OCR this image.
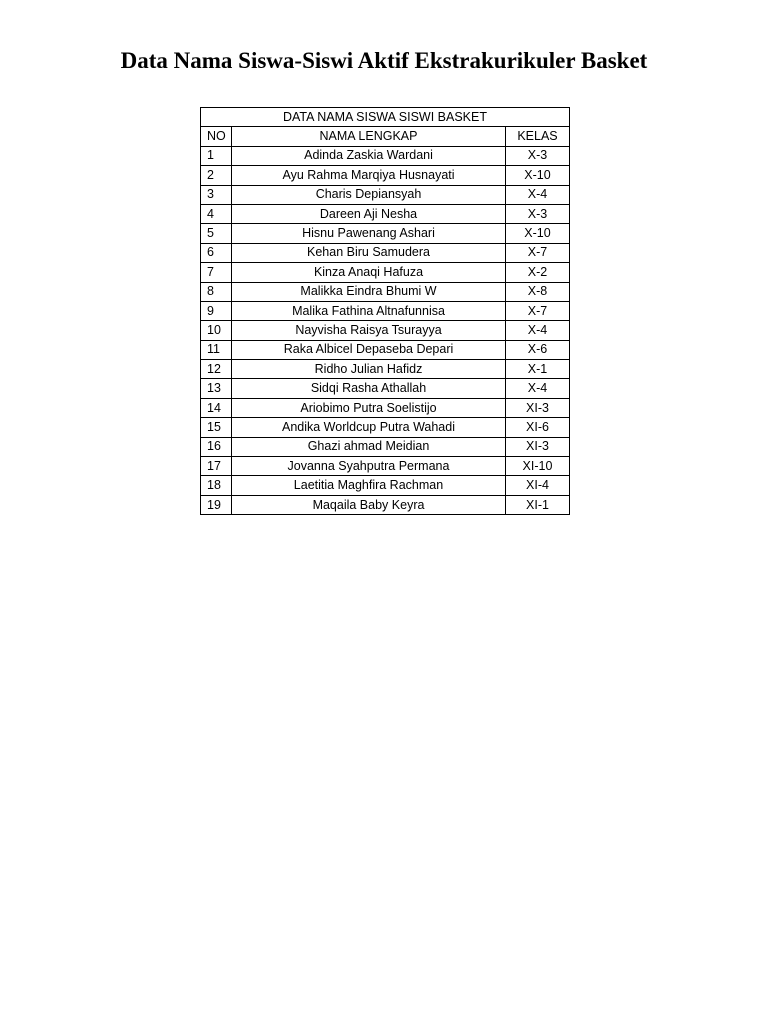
Data Nama Siswa-Siswi Aktif Ekstrakurikuler Basket
DATA NAMA SISWA SISWI BASKET		
NO	NAMA LENGKAP	KELAS
1	Adinda Zaskia Wardani	X-3
2	Ayu Rahma Marqiya Husnayati	X-10
3	Charis Depiansyah	X-4
4	Dareen Aji Nesha	X-3
5	Hisnu Pawenang Ashari	X-10
6	Kehan Biru Samudera	X-7
7	Kinza Anaqi Hafuza	X-2
8	Malikka Eindra Bhumi W	X-8
9	Malika Fathina Altnafunnisa	X-7
10	Nayvisha Raisya Tsurayya	X-4
11	Raka Albicel Depaseba Depari	X-6
12	Ridho Julian Hafidz	X-1
13	Sidqi Rasha Athallah	X-4
14	Ariobimo Putra Soelistijo	XI-3
15	Andika Worldcup Putra Wahadi	XI-6
16	Ghazi ahmad Meidian	XI-3
17	Jovanna Syahputra Permana	XI-10
18	Laetitia Maghfira Rachman	XI-4
19	Maqaila Baby Keyra	XI-1
